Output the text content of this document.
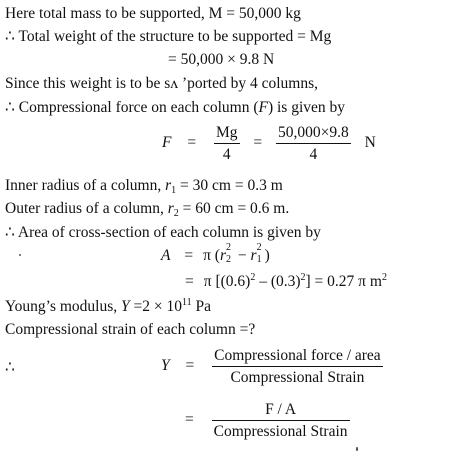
Here total mass to be supported, M = 50,000 kg
∴ Total weight of the structure to be supported = Mg
= 50,000 × 9.8 N
Since this weight is to be sʌ ’ported by 4 columns,
∴ Compressional force on each column (F) is given by
$F = \frac{Mg}{4} = \frac{50,000\times 9.8}{4}$ N
Inner radius of a column, $r_1 = 30$ cm = 0.3 m
Outer radius of a column, $r_2 = 60$ cm = 0.6 m.
∴ Area of cross-section of each column is given by
A = π (r 2
2 − r 2
1 )
= π $[(0.6)^2 - (0.3)^2] = 0.27$ π $m^2$
Young’s modulus, $Y =2 \times 10^{11}$ Pa
Compressional strain of each column =?
∴	$Y = \frac{\text{Compressional force / area}}{\text{Compressional Strain}}$
= $\frac{F / A}{\text{Compressional Strain}}$
